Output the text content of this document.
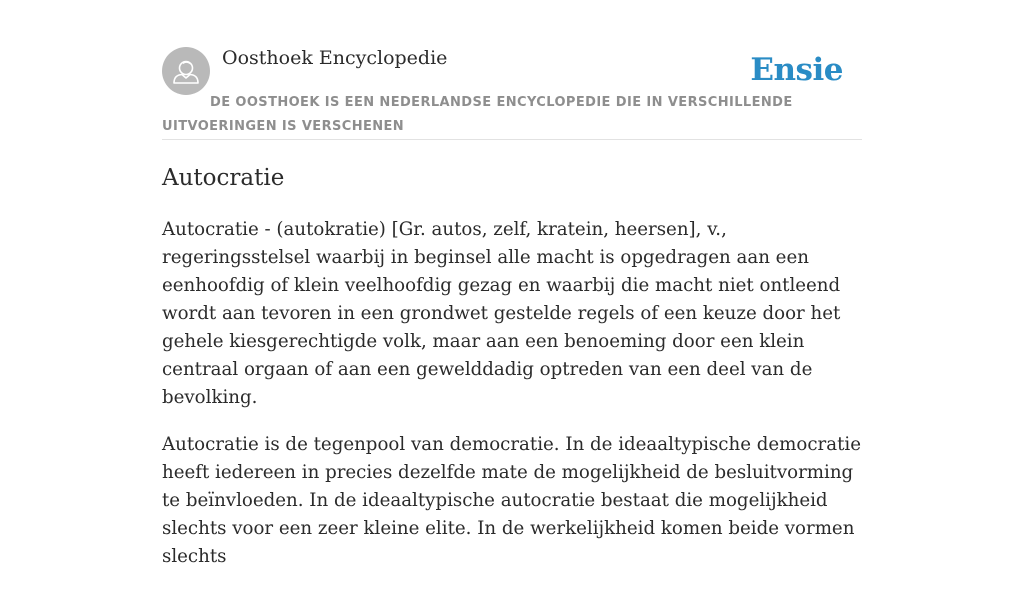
Oosthoek Encyclopedie	Ensie
DE OOSTHOEK IS EEN NEDERLANDSE ENCYCLOPEDIE DIE IN VERSCHILLENDE UITVOERINGEN IS VERSCHENEN
Autocratie

Autocratie - (autokratie) [Gr. autos, zelf, kratein, heersen], v., regeringsstelsel waarbij in beginsel alle macht is opgedragen aan een eenhoofdig of klein veelhoofdig gezag en waarbij die macht niet ontleend wordt aan tevoren in een grondwet gestelde regels of een keuze door het gehele kiesgerechtigde volk, maar aan een benoeming door een klein centraal orgaan of aan een gewelddadig optreden van een deel van de bevolking.

Autocratie is de tegenpool van democratie. In de ideaaltypische democratie heeft iedereen in precies dezelfde mate de mogelijkheid de besluitvorming te beïnvloeden. In de ideaaltypische autocratie bestaat die mogelijkheid slechts voor een zeer kleine elite. In de werkelijkheid komen beide vormen slechts
